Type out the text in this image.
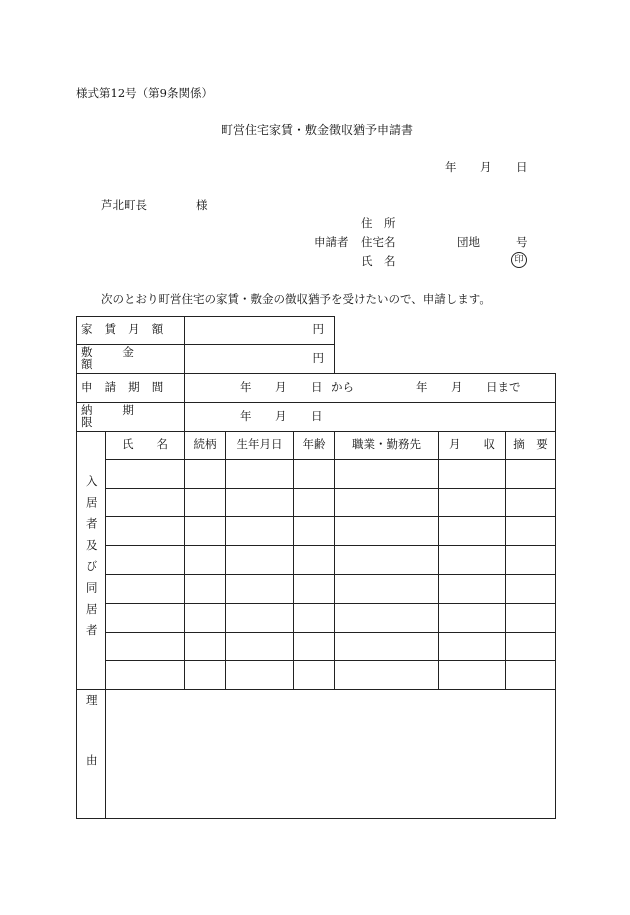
様式第12号（第9条関係）
町営住宅家賃・敷金徴収猶予申請書
年 月 日
芦北町長	様
住　所
申請者 住宅名	団地	号
氏　名	印
次のとおり町営住宅の家賃・敷金の徴収猶予を受けたいので、申請します。
家賃月額	円
敷金額	円
申請期間	年 月 日 から	年 月 日まで
納期限	年 月 日
入居者及び同居者
氏　　名 続柄 生年月日 年齢 職業・勤務先 月　　収 摘　要
理由
